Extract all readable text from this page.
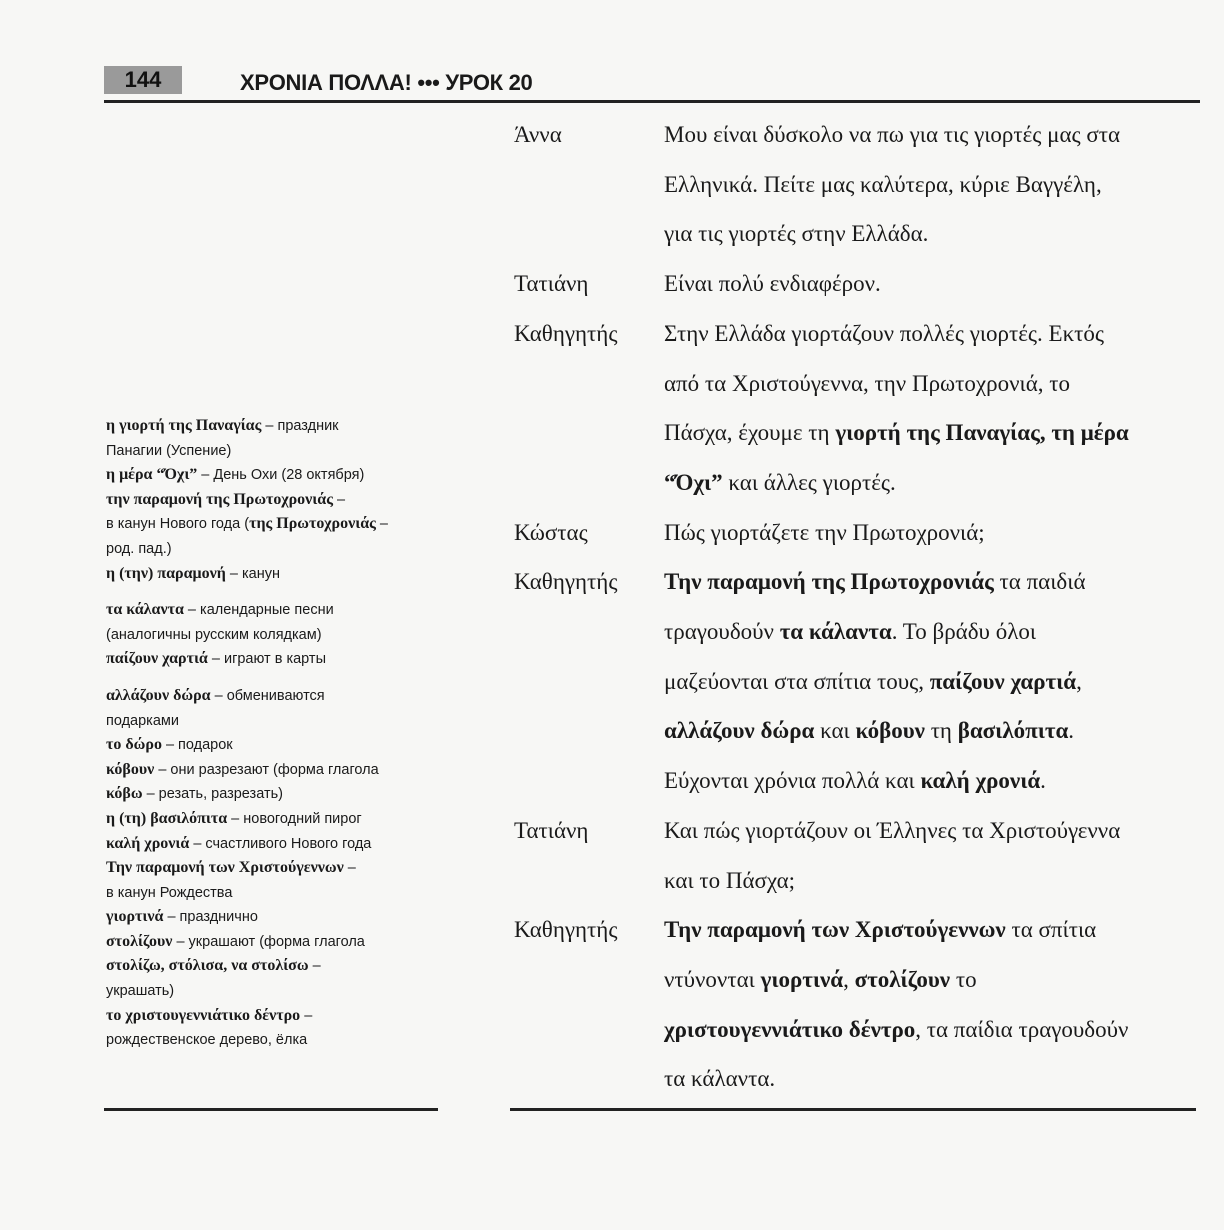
144	ΧΡΟΝΙΑ ΠΟΛΛΑ! ••• УРОК 20
η γιορτή της Παναγίας – праздник
Панагии (Успение)
η μέρα “Όχι” – День Охи (28 октября)
την παραμονή της Πρωτοχρονιάς –
в канун Нового года (της Πρωτοχρονιάς –
род. пад.)
η (την) παραμονή – канун
τα κάλαντα – календарные песни
(аналогичны русским колядкам)
παίζουν χαρτιά – играют в карты
αλλάζουν δώρα – обмениваются
подарками
το δώρο – подарок
κόβουν – они разрезают (форма глагола
κόβω – резать, разрезать)
η (τη) βασιλόπιτα – новогодний пирог
καλή χρονιά – счастливого Нового года
Την παραμονή των Χριστούγεννων –
в канун Рождества
γιορτινά – празднично
στολίζουν – украшают (форма глагола
στολίζω, στόλισα, να στολίσω –
украшать)
το χριστουγεννιάτικο δέντρο –
рождественское дерево, ёлка
Άννα	Μου είναι δύσκολο να πω για τις γιορτές μας στα
Ελληνικά. Πείτε μας καλύτερα, κύριε Βαγγέλη,
για τις γιορτές στην Ελλάδα.
Τατιάνη	Είναι πολύ ενδιαφέρον.
Καθηγητής	Στην Ελλάδα γιορτάζουν πολλές γιορτές. Εκτός
από τα Χριστούγεννα, την Πρωτοχρονιά, το
Πάσχα, έχουμε τη γιορτή της Παναγίας, τη μέρα
“Όχι” και άλλες γιορτές.
Κώστας	Πώς γιορτάζετε την Πρωτοχρονιά;
Καθηγητής	Την παραμονή της Πρωτοχρονιάς τα παιδιά
τραγουδούν τα κάλαντα. Το βράδυ όλοι
μαζεύονται στα σπίτια τους, παίζουν χαρτιά,
αλλάζουν δώρα και κόβουν τη βασιλόπιτα.
Εύχονται χρόνια πολλά και καλή χρονιά.
Τατιάνη	Και πώς γιορτάζουν οι Έλληνες τα Χριστούγεννα
και το Πάσχα;
Καθηγητής	Την παραμονή των Χριστούγεννων τα σπίτια
ντύνονται γιορτινά, στολίζουν το
χριστουγεννιάτικο δέντρο, τα παίδια τραγουδούν
τα κάλαντα.
